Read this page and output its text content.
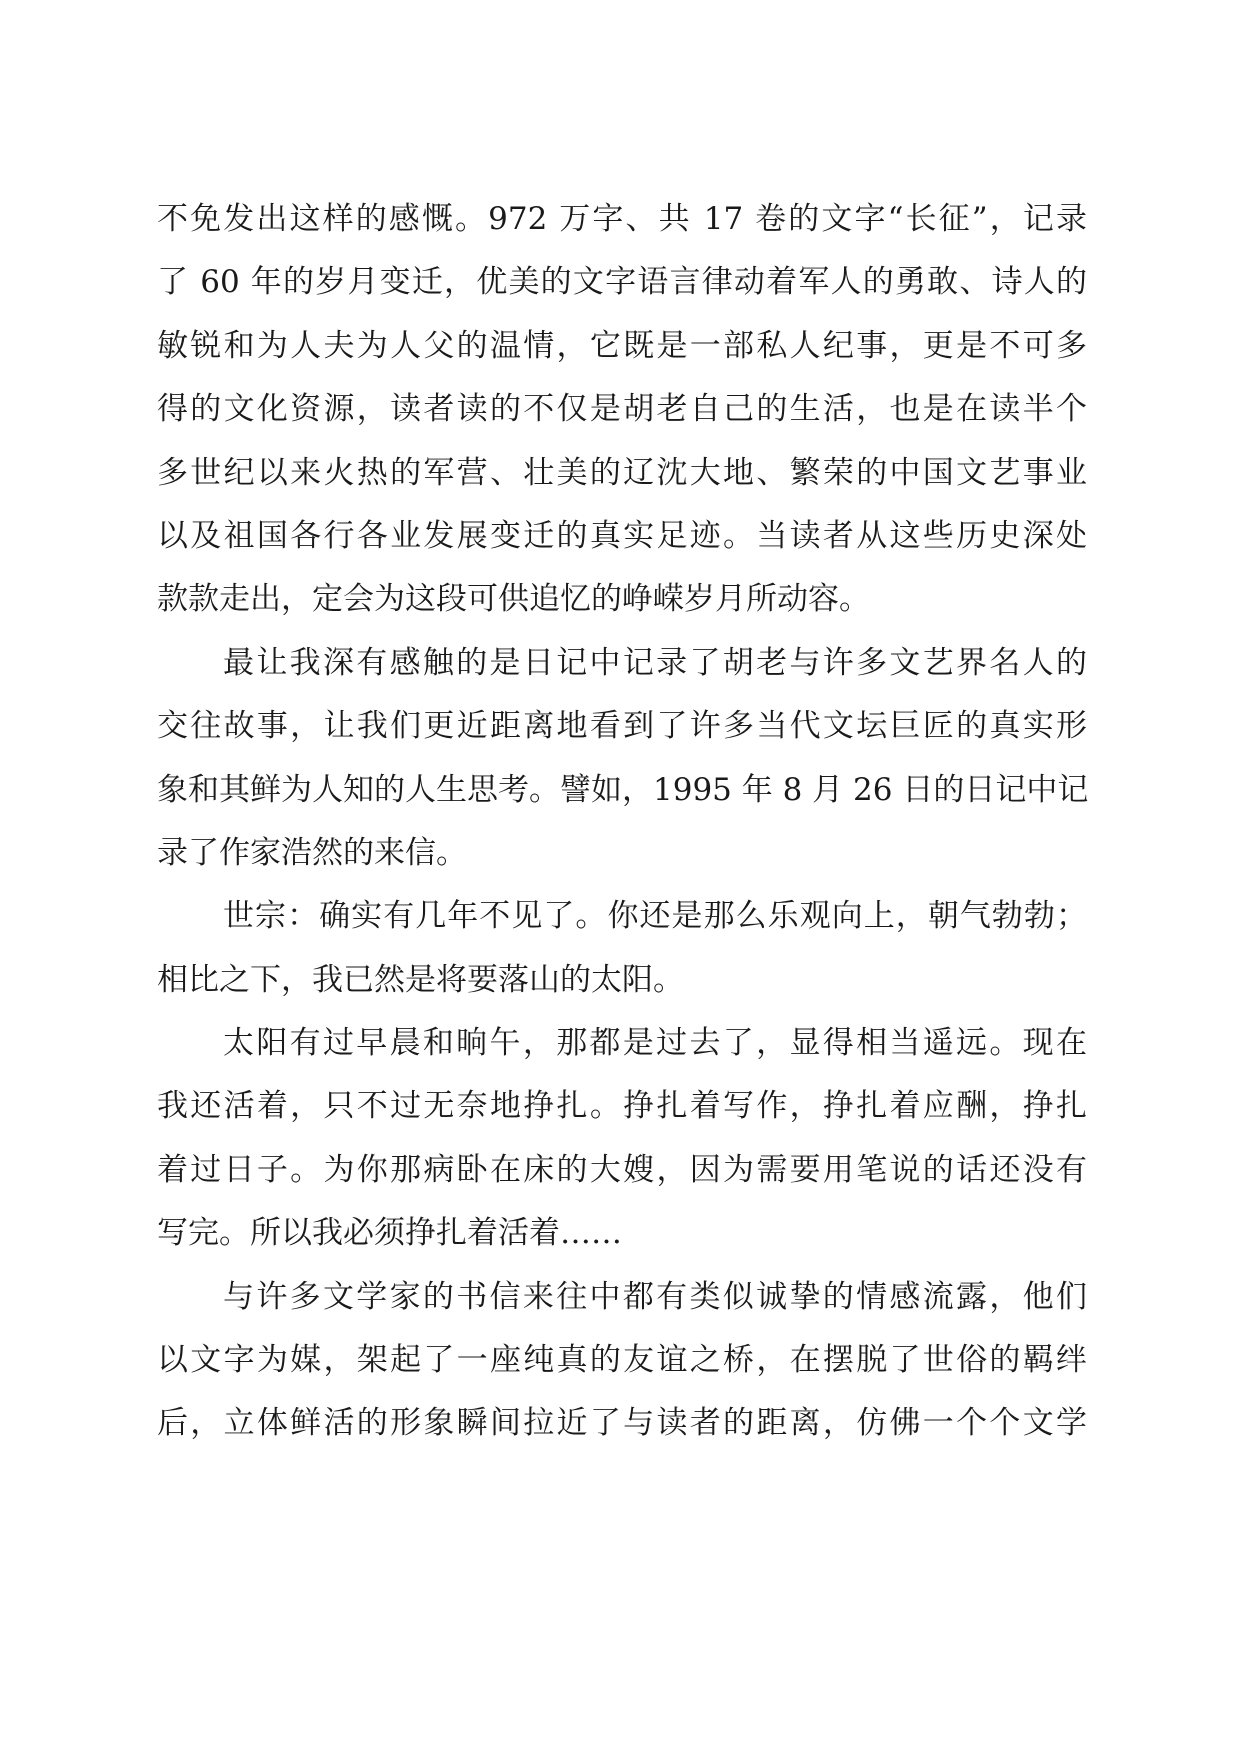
不免发出这样的感慨。972 万字、共 17 卷的文字“长征”，记录
了 60 年的岁月变迁，优美的文字语言律动着军人的勇敢、诗人的
敏锐和为人夫为人父的温情，它既是一部私人纪事，更是不可多
得的文化资源，读者读的不仅是胡老自己的生活，也是在读半个
多世纪以来火热的军营、壮美的辽沈大地、繁荣的中国文艺事业
以及祖国各行各业发展变迁的真实足迹。当读者从这些历史深处
款款走出，定会为这段可供追忆的峥嵘岁月所动容。
最让我深有感触的是日记中记录了胡老与许多文艺界名人的
交往故事，让我们更近距离地看到了许多当代文坛巨匠的真实形
象和其鲜为人知的人生思考。譬如，1995 年 8 月 26 日的日记中记
录了作家浩然的来信。
世宗：确实有几年不见了。你还是那么乐观向上，朝气勃勃；
相比之下，我已然是将要落山的太阳。
太阳有过早晨和晌午，那都是过去了，显得相当遥远。现在
我还活着，只不过无奈地挣扎。挣扎着写作，挣扎着应酬，挣扎
着过日子。为你那病卧在床的大嫂，因为需要用笔说的话还没有
写完。所以我必须挣扎着活着……
与许多文学家的书信来往中都有类似诚挚的情感流露，他们
以文字为媒，架起了一座纯真的友谊之桥，在摆脱了世俗的羁绊
后，立体鲜活的形象瞬间拉近了与读者的距离，仿佛一个个文学
